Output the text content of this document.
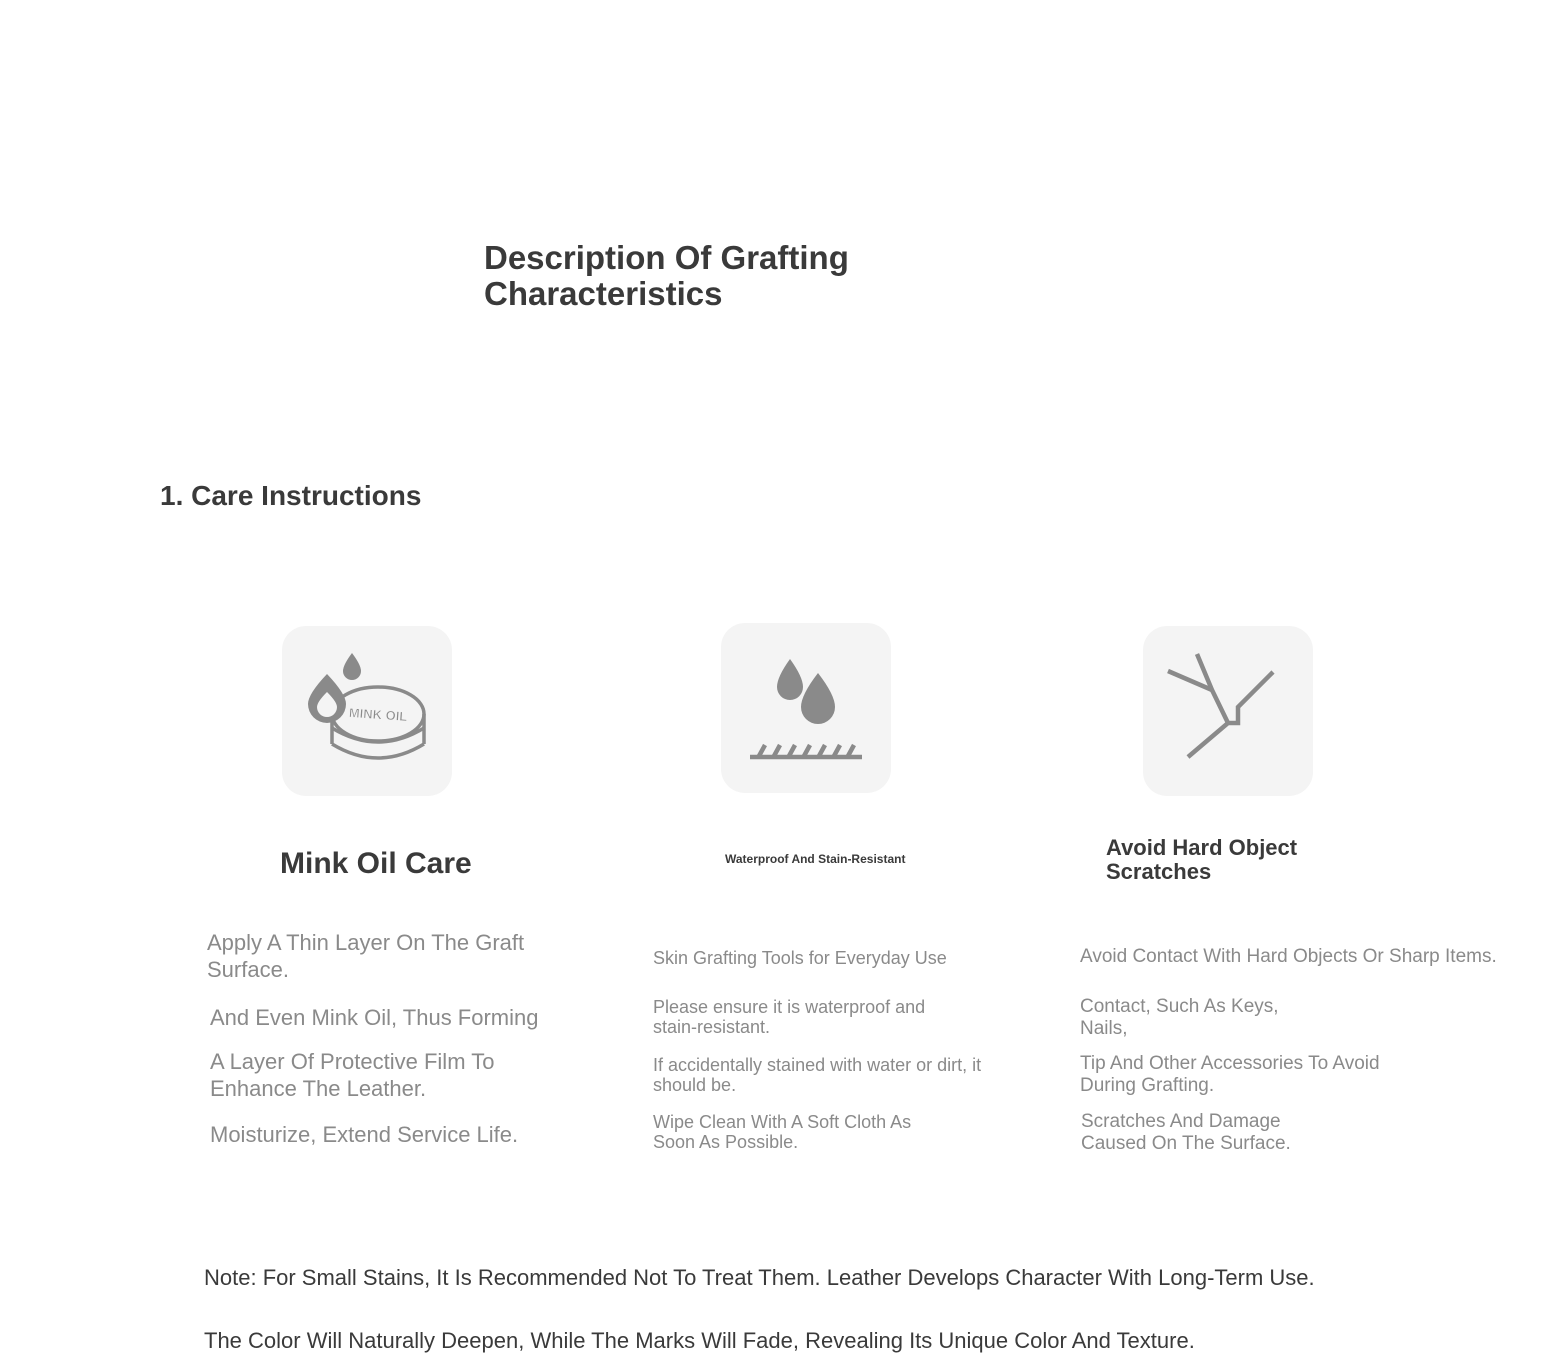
Description Of Grafting
Characteristics
1. Care Instructions
MINK OIL
Mink Oil Care	Waterproof And Stain-Resistant	Avoid Hard Object
Scratches
Apply A Thin Layer On The Graft
Surface.
And Even Mink Oil, Thus Forming
A Layer Of Protective Film To
Enhance The Leather.
Moisturize, Extend Service Life.
Skin Grafting Tools for Everyday Use
Please ensure it is waterproof and
stain-resistant.
If accidentally stained with water or dirt, it
should be.
Wipe Clean With A Soft Cloth As
Soon As Possible.
Avoid Contact With Hard Objects Or Sharp Items.
Contact, Such As Keys,
Nails,
Tip And Other Accessories To Avoid
During Grafting.
Scratches And Damage
Caused On The Surface.
Note: For Small Stains, It Is Recommended Not To Treat Them. Leather Develops Character With Long-Term Use.
The Color Will Naturally Deepen, While The Marks Will Fade, Revealing Its Unique Color And Texture.
